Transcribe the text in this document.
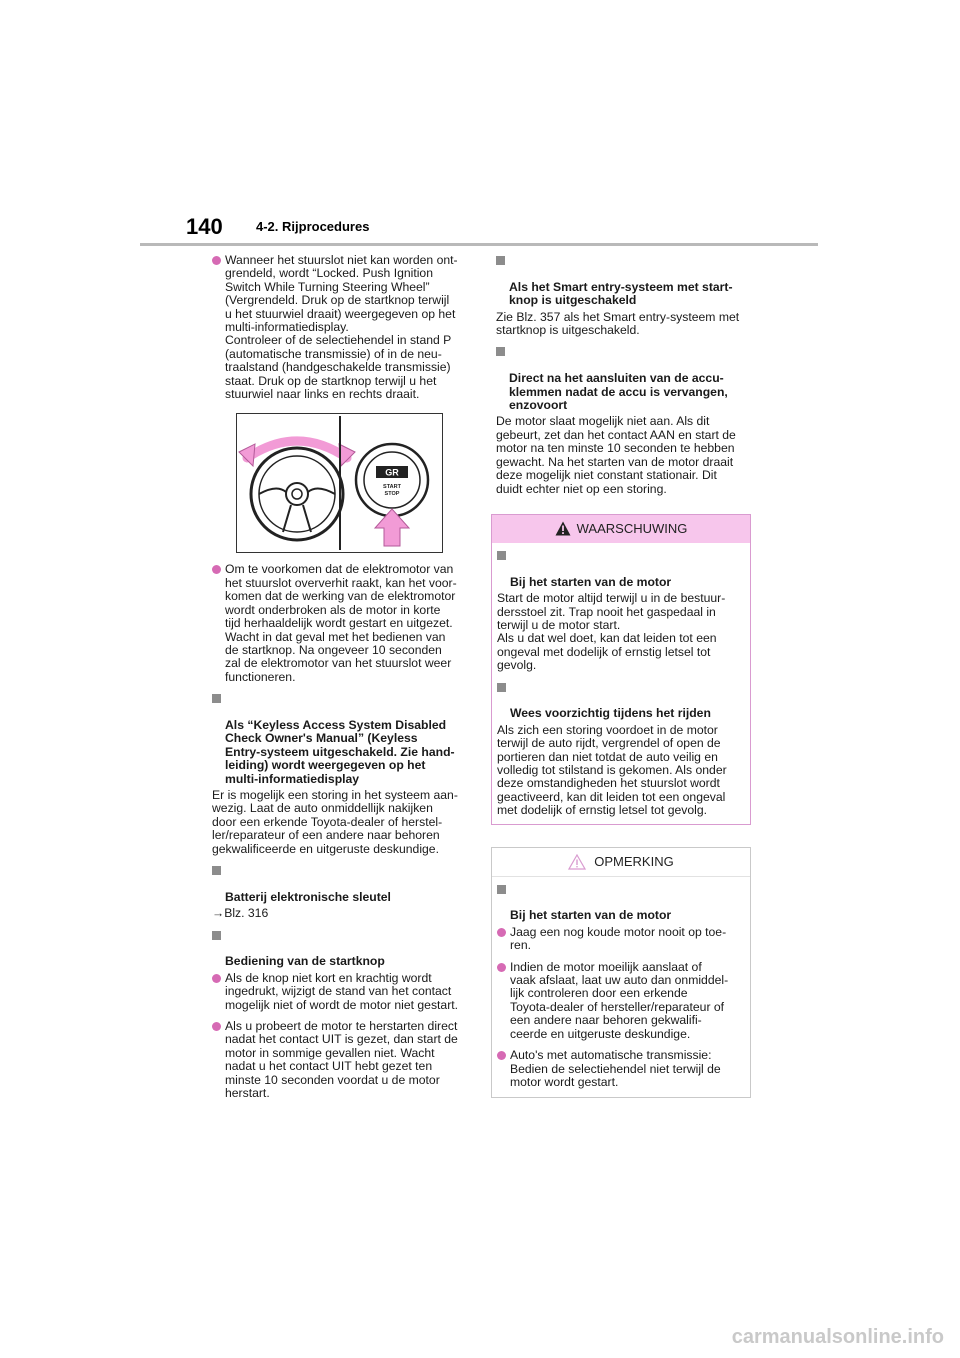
140	4-2. Rijprocedures
Wanneer het stuurslot niet kan worden ont-
grendeld, wordt “Locked. Push Ignition
Switch While Turning Steering Wheel”
(Vergrendeld. Druk op de startknop terwijl
u het stuurwiel draait) weergegeven op het
multi-informatiedisplay.
Controleer of de selectiehendel in stand P
(automatische transmissie) of in de neu-
traalstand (handgeschakelde transmissie)
staat. Druk op de startknop terwijl u het
stuurwiel naar links en rechts draait.
GR
START
STOP
Om te voorkomen dat de elektromotor van
het stuurslot oververhit raakt, kan het voor-
komen dat de werking van de elektromotor
wordt onderbroken als de motor in korte
tijd herhaaldelijk wordt gestart en uitgezet.
Wacht in dat geval met het bedienen van
de startknop. Na ongeveer 10 seconden
zal de elektromotor van het stuurslot weer
functioneren.

Als “Keyless Access System Disabled
Check Owner's Manual” (Keyless
Entry-systeem uitgeschakeld. Zie hand-
leiding) wordt weergegeven op het
multi-informatiedisplay

Er is mogelijk een storing in het systeem aan-
wezig. Laat de auto onmiddellijk nakijken
door een erkende Toyota-dealer of herstel-
ler/reparateur of een andere naar behoren
gekwalificeerde en uitgeruste deskundige.

Batterij elektronische sleutel

→Blz. 316

Bediening van de startknop

Als de knop niet kort en krachtig wordt
ingedrukt, wijzigt de stand van het contact
mogelijk niet of wordt de motor niet gestart.
Als u probeert de motor te herstarten direct
nadat het contact UIT is gezet, dan start de
motor in sommige gevallen niet. Wacht
nadat u het contact UIT hebt gezet ten
minste 10 seconden voordat u de motor
herstart.

Als het Smart entry-systeem met start-
knop is uitgeschakeld

Zie Blz. 357 als het Smart entry-systeem met
startknop is uitgeschakeld.

Direct na het aansluiten van de accu-
klemmen nadat de accu is vervangen,
enzovoort

De motor slaat mogelijk niet aan. Als dit
gebeurt, zet dan het contact AAN en start de
motor na ten minste 10 seconden te hebben
gewacht. Na het starten van de motor draait
deze mogelijk niet constant stationair. Dit
duidt echter niet op een storing.
WAARSCHUWING

Bij het starten van de motor

Start de motor altijd terwijl u in de bestuur-
dersstoel zit. Trap nooit het gaspedaal in
terwijl u de motor start.
Als u dat wel doet, kan dat leiden tot een
ongeval met dodelijk of ernstig letsel tot
gevolg.

Wees voorzichtig tijdens het rijden

Als zich een storing voordoet in de motor
terwijl de auto rijdt, vergrendel of open de
portieren dan niet totdat de auto veilig en
volledig tot stilstand is gekomen. Als onder
deze omstandigheden het stuurslot wordt
geactiveerd, kan dit leiden tot een ongeval
met dodelijk of ernstig letsel tot gevolg.
OPMERKING

Bij het starten van de motor

Jaag een nog koude motor nooit op toe-
ren.
Indien de motor moeilijk aanslaat of
vaak afslaat, laat uw auto dan onmiddel-
lijk controleren door een erkende
Toyota-dealer of hersteller/reparateur of
een andere naar behoren gekwalifi-
ceerde en uitgeruste deskundige.
Auto's met automatische transmissie:
Bedien de selectiehendel niet terwijl de
motor wordt gestart.
carmanualsonline.info
